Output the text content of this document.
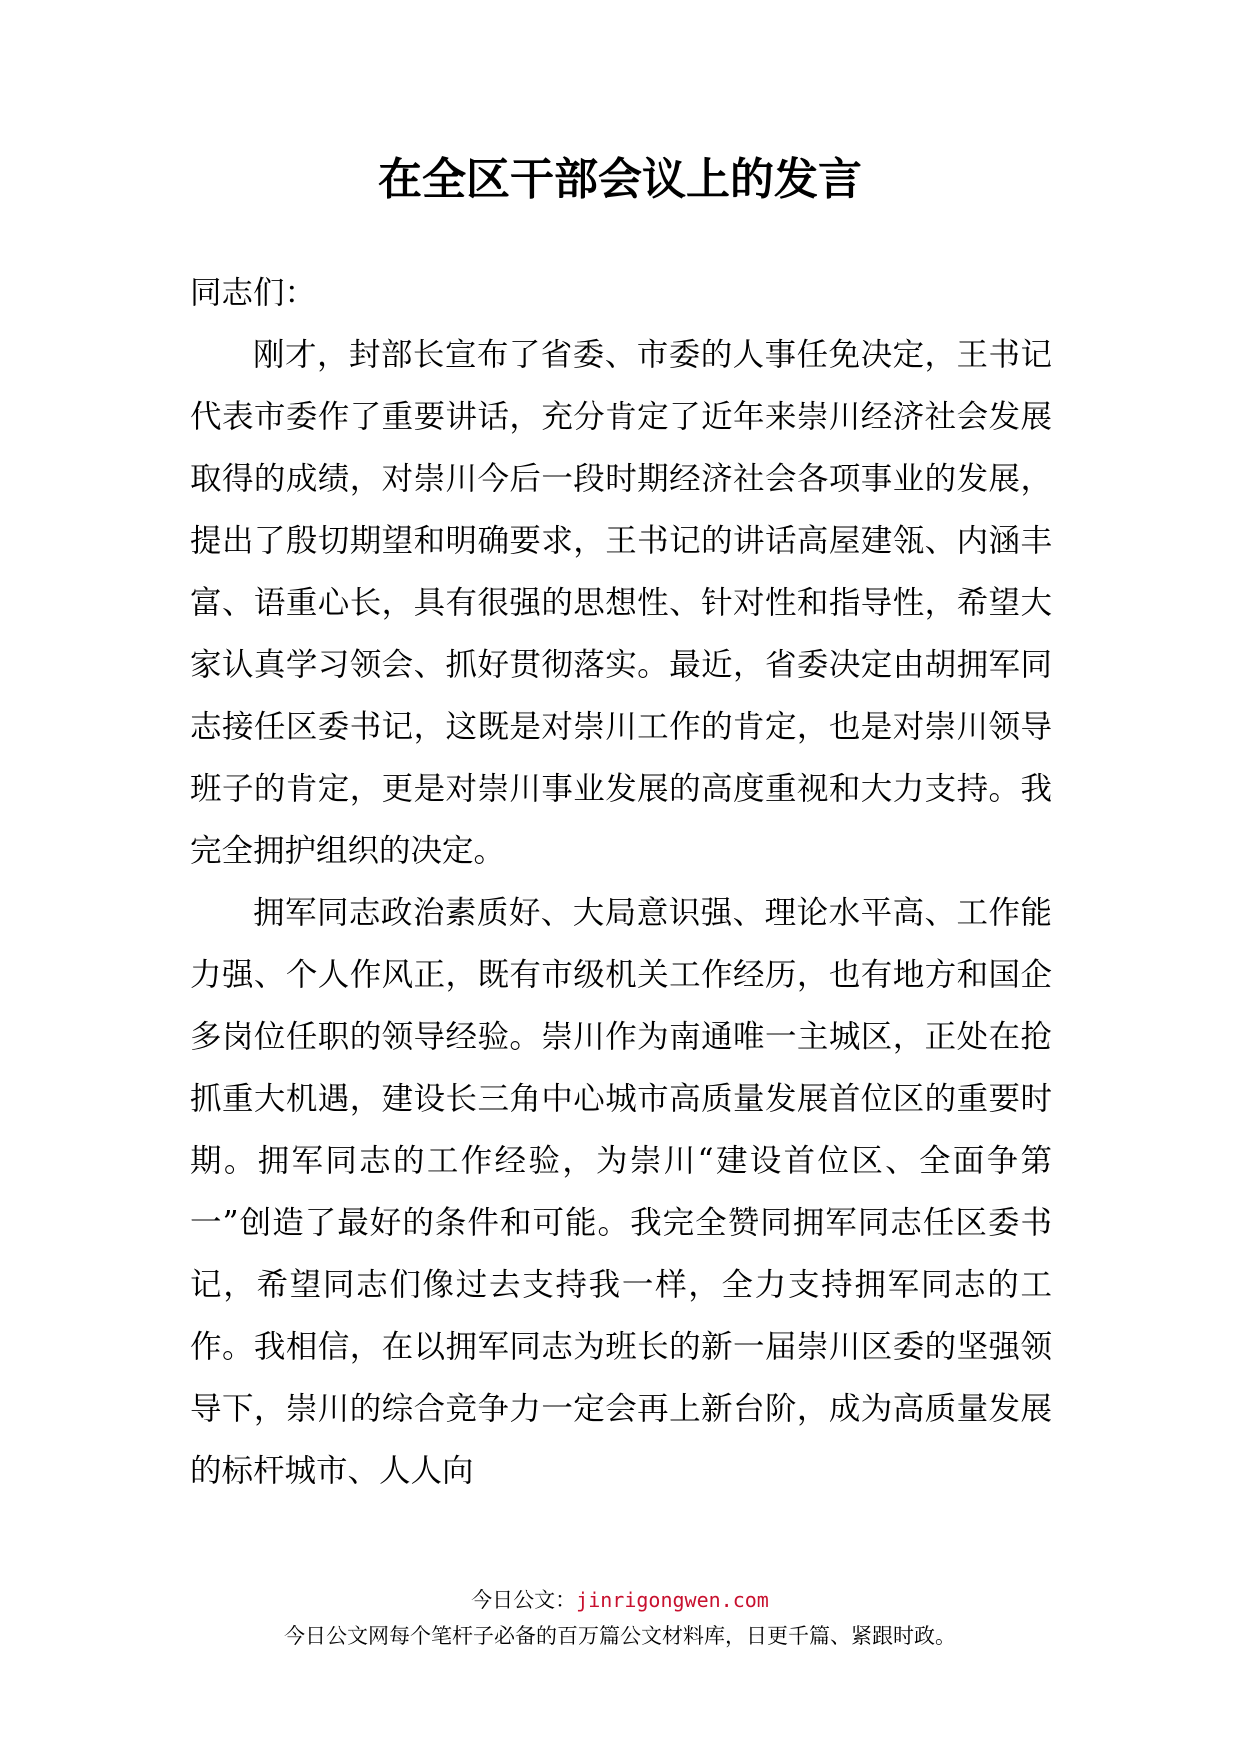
在全区干部会议上的发言

同志们：

刚才，封部长宣布了省委、市委的人事任免决定，王书记代表市委作了重要讲话，充分肯定了近年来崇川经济社会发展取得的成绩，对崇川今后一段时期经济社会各项事业的发展，提出了殷切期望和明确要求，王书记的讲话高屋建瓴、内涵丰富、语重心长，具有很强的思想性、针对性和指导性，希望大家认真学习领会、抓好贯彻落实。最近，省委决定由胡拥军同志接任区委书记，这既是对崇川工作的肯定，也是对崇川领导班子的肯定，更是对崇川事业发展的高度重视和大力支持。我完全拥护组织的决定。

拥军同志政治素质好、大局意识强、理论水平高、工作能力强、个人作风正，既有市级机关工作经历，也有地方和国企多岗位任职的领导经验。崇川作为南通唯一主城区，正处在抢抓重大机遇，建设长三角中心城市高质量发展首位区的重要时期。拥军同志的工作经验，为崇川“建设首位区、全面争第一”创造了最好的条件和可能。我完全赞同拥军同志任区委书记，希望同志们像过去支持我一样，全力支持拥军同志的工作。我相信，在以拥军同志为班长的新一届崇川区委的坚强领导下，崇川的综合竞争力一定会再上新台阶，成为高质量发展的标杆城市、人人向

今日公文：jinrigongwen.com
今日公文网每个笔杆子必备的百万篇公文材料库，日更千篇、紧跟时政。
